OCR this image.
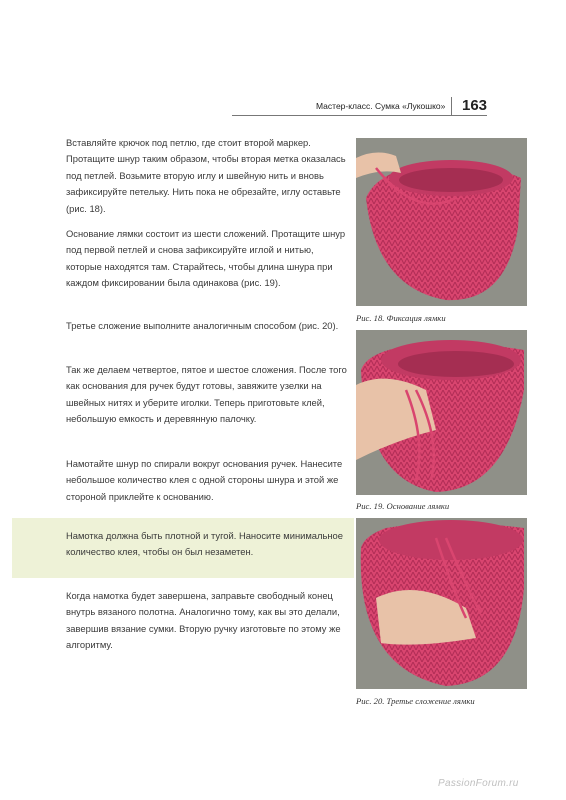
Мастер-класс. Сумка «Лукошко» 163

Вставляйте крючок под петлю, где стоит второй маркер. Протащите шнур таким образом, чтобы вторая метка оказалась под петлей. Возьмите вторую иглу и швейную нить и вновь зафиксируйте петельку. Нить пока не обрезайте, иглу оставьте (рис. 18).

Основание лямки состоит из шести сложений. Протащите шнур под первой петлей и снова зафиксируйте иглой и нитью, которые находятся там. Старайтесь, чтобы длина шнура при каждом фиксировании была одинакова (рис. 19).

Третье сложение выполните аналогичным способом (рис. 20).

Так же делаем четвертое, пятое и шестое сложения. После того как основания для ручек будут готовы, завяжите узелки на швейных нитях и уберите иголки. Теперь приготовьте клей, небольшую емкость и деревянную палочку.

Намотайте шнур по спирали вокруг основания ручек. Нанесите небольшое количество клея с одной стороны шнура и этой же стороной приклейте к основанию.

Намотка должна быть плотной и тугой. Наносите минимальное количество клея, чтобы он был незаметен.

Когда намотка будет завершена, заправьте свободный конец внутрь вязаного полотна. Аналогично тому, как вы это делали, завершив вязание сумки. Вторую ручку изготовьте по этому же алгоритму.

Рис. 18. Фиксация лямки
Рис. 19. Основание лямки
Рис. 20. Третье сложение лямки
PassionForum.ru
